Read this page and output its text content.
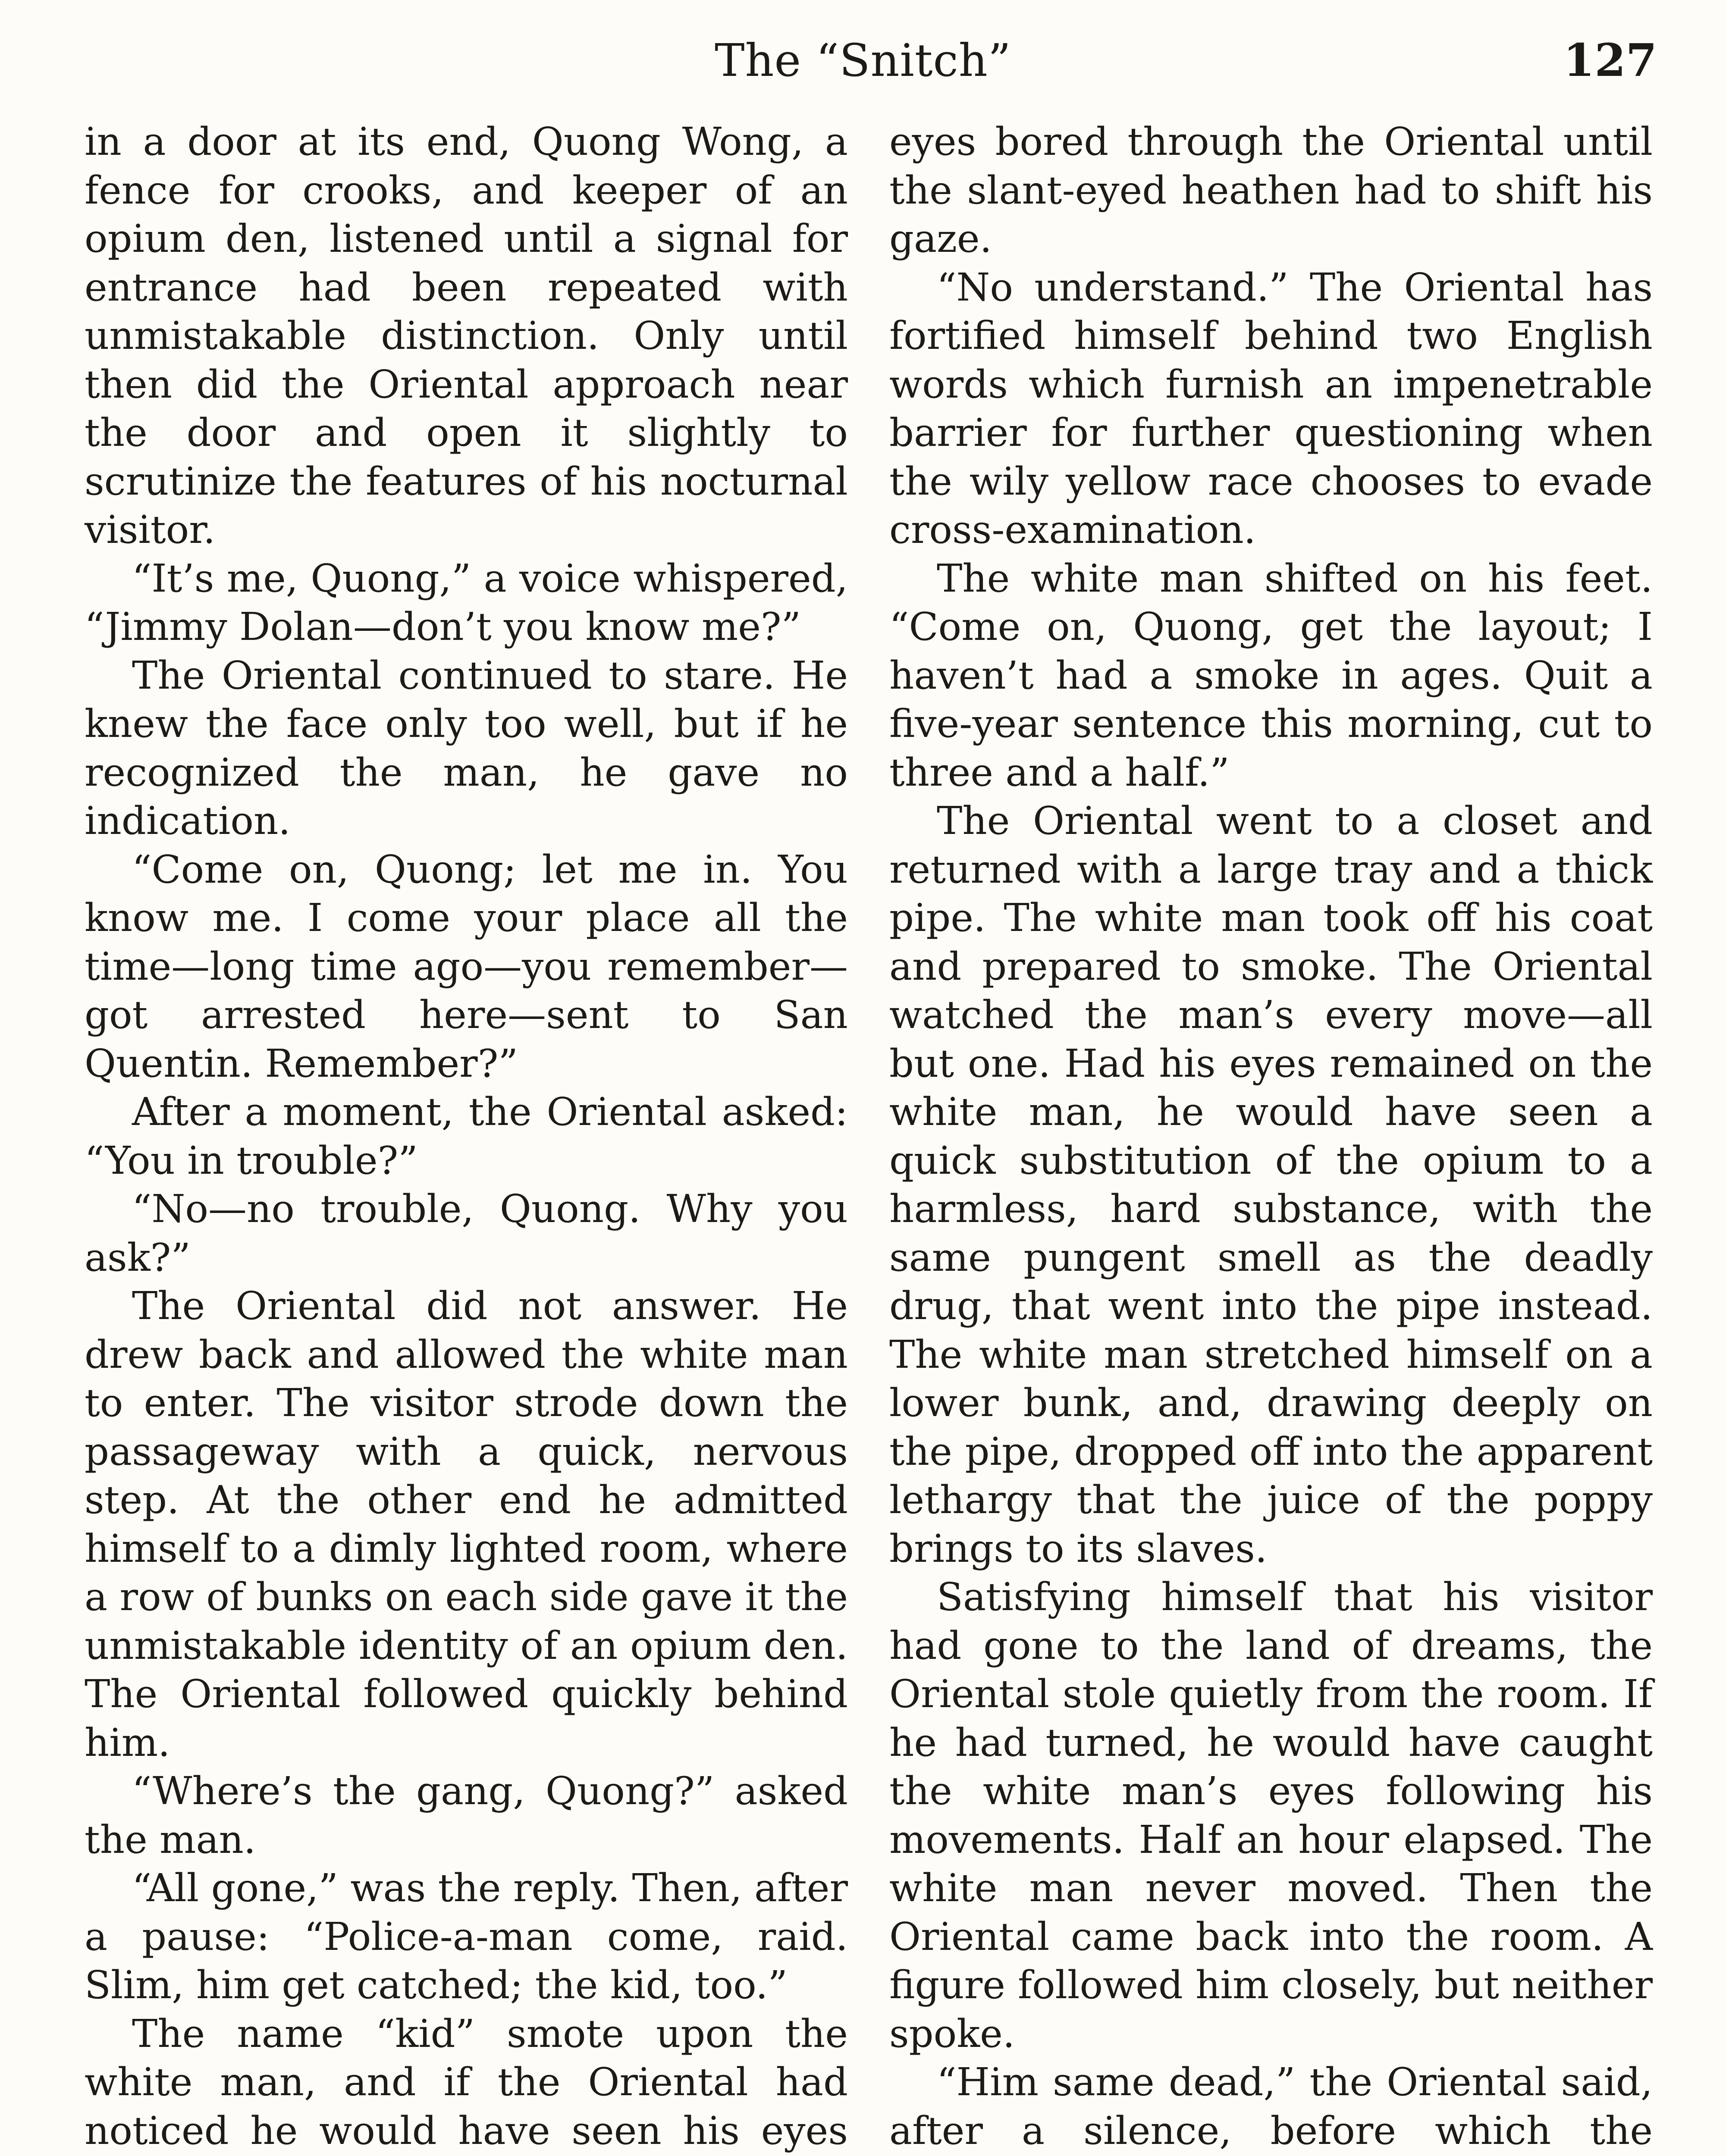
The “Snitch”	127

in a door at its end, Quong Wong, a fence for crooks, and keeper of an opium den, listened until a signal for entrance had been repeated with unmistakable distinction. Only until then did the Oriental approach near the door and open it slightly to scrutinize the features of his nocturnal visitor.

“It’s me, Quong,” a voice whispered, “Jimmy Dolan—don’t you know me?”

The Oriental continued to stare. He knew the face only too well, but if he recognized the man, he gave no indication.

“Come on, Quong; let me in. You know me. I come your place all the time—long time ago—you remember—got arrested here—sent to San Quentin. Remember?”

After a moment, the Oriental asked: “You in trouble?”

“No—no trouble, Quong. Why you ask?”

The Oriental did not answer. He drew back and allowed the white man to enter. The visitor strode down the passageway with a quick, nervous step. At the other end he admitted himself to a dimly lighted room, where a row of bunks on each side gave it the unmistakable identity of an opium den. The Oriental followed quickly behind him.

“Where’s the gang, Quong?” asked the man.

“All gone,” was the reply. Then, after a pause: “Police-a-man come, raid. Slim, him get catched; the kid, too.”

The name “kid” smote upon the white man, and if the Oriental had noticed he would have seen his eyes

eyes bored through the Oriental until the slant-eyed heathen had to shift his gaze.

“No understand.” The Oriental has fortified himself behind two English words which furnish an impenetrable barrier for further questioning when the wily yellow race chooses to evade cross-examination.

The white man shifted on his feet. “Come on, Quong, get the layout; I haven’t had a smoke in ages. Quit a five-year sentence this morning, cut to three and a half.”

The Oriental went to a closet and returned with a large tray and a thick pipe. The white man took off his coat and prepared to smoke. The Oriental watched the man’s every move—all but one. Had his eyes remained on the white man, he would have seen a quick substitution of the opium to a harmless, hard substance, with the same pungent smell as the deadly drug, that went into the pipe instead. The white man stretched himself on a lower bunk, and, drawing deeply on the pipe, dropped off into the apparent lethargy that the juice of the poppy brings to its slaves.

Satisfying himself that his visitor had gone to the land of dreams, the Oriental stole quietly from the room. If he had turned, he would have caught the white man’s eyes following his movements. Half an hour elapsed. The white man never moved. Then the Oriental came back into the room. A figure followed him closely, but neither spoke.

“Him same dead,” the Oriental said, after a silence, before which the
